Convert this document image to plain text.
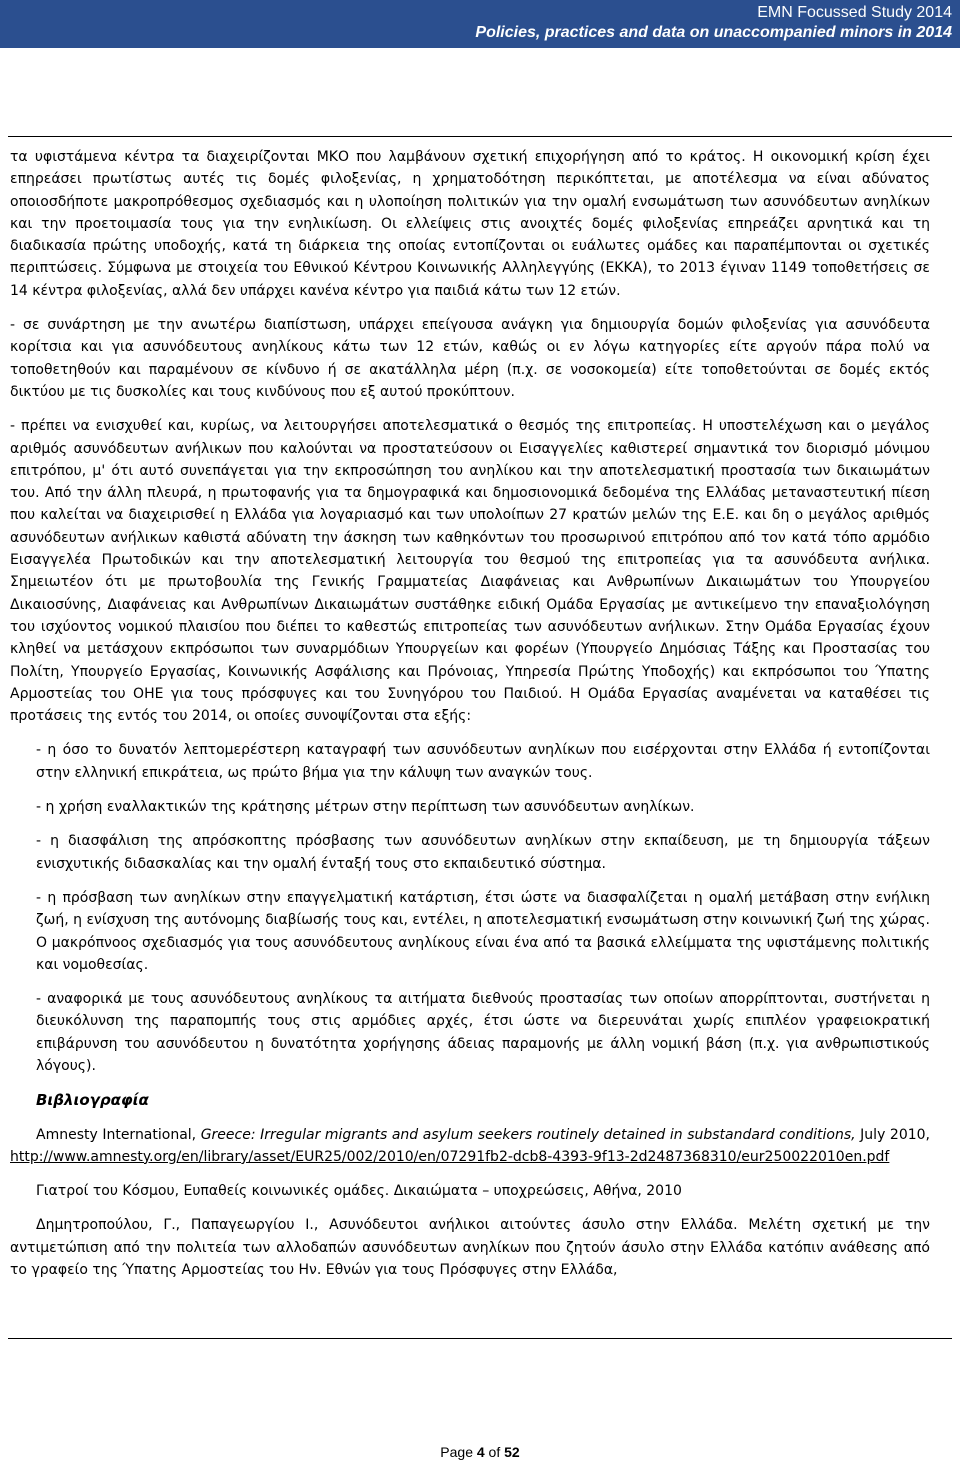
EMN Focussed Study 2014
Policies, practices and data on unaccompanied minors in 2014

τα υφιστάμενα κέντρα τα διαχειρίζονται ΜΚΟ που λαμβάνουν σχετική επιχορήγηση από το κράτος. Η οικονομική κρίση έχει επηρεάσει πρωτίστως αυτές τις δομές φιλοξενίας, η χρηματοδότηση περικόπτεται, με αποτέλεσμα να είναι αδύνατος οποιοσδήποτε μακροπρόθεσμος σχεδιασμός και η υλοποίηση πολιτικών για την ομαλή ενσωμάτωση των ασυνόδευτων ανηλίκων και την προετοιμασία τους για την ενηλικίωση. Οι ελλείψεις στις ανοιχτές δομές φιλοξενίας επηρεάζει αρνητικά και τη διαδικασία πρώτης υποδοχής, κατά τη διάρκεια της οποίας εντοπίζονται οι ευάλωτες ομάδες και παραπέμπονται οι σχετικές περιπτώσεις. Σύμφωνα με στοιχεία του Εθνικού Κέντρου Κοινωνικής Αλληλεγγύης (ΕΚΚΑ), το 2013 έγιναν 1149 τοποθετήσεις σε 14 κέντρα φιλοξενίας, αλλά δεν υπάρχει κανένα κέντρο για παιδιά κάτω των 12 ετών.

- σε συνάρτηση με την ανωτέρω διαπίστωση, υπάρχει επείγουσα ανάγκη για δημιουργία δομών φιλοξενίας για ασυνόδευτα κορίτσια και για ασυνόδευτους ανηλίκους κάτω των 12 ετών, καθώς οι εν λόγω κατηγορίες είτε αργούν πάρα πολύ να τοποθετηθούν και παραμένουν σε κίνδυνο ή σε ακατάλληλα μέρη (π.χ. σε νοσοκομεία) είτε τοποθετούνται σε δομές εκτός δικτύου με τις δυσκολίες και τους κινδύνους που εξ αυτού προκύπτουν.

- πρέπει να ενισχυθεί και, κυρίως, να λειτουργήσει αποτελεσματικά ο θεσμός της επιτροπείας. Η υποστελέχωση και ο μεγάλος αριθμός ασυνόδευτων ανήλικων που καλούνται να προστατεύσουν οι Εισαγγελίες καθιστερεί σημαντικά τον διορισμό μόνιμου επιτρόπου, μ' ότι αυτό συνεπάγεται για την εκπροσώπηση του ανηλίκου και την αποτελεσματική προστασία των δικαιωμάτων του. Από την άλλη πλευρά, η πρωτοφανής για τα δημογραφικά και δημοσιονομικά δεδομένα της Ελλάδας μεταναστευτική πίεση που καλείται να διαχειρισθεί η Ελλάδα για λογαριασμό και των υπολοίπων 27 κρατών μελών της Ε.Ε. και δη ο μεγάλος αριθμός ασυνόδευτων ανήλικων καθιστά αδύνατη την άσκηση των καθηκόντων του προσωρινού επιτρόπου από τον κατά τόπο αρμόδιο Εισαγγελέα Πρωτοδικών και την αποτελεσματική λειτουργία του θεσμού της επιτροπείας για τα ασυνόδευτα ανήλικα. Σημειωτέον ότι με πρωτοβουλία της Γενικής Γραμματείας Διαφάνειας και Ανθρωπίνων Δικαιωμάτων του Υπουργείου Δικαιοσύνης, Διαφάνειας και Ανθρωπίνων Δικαιωμάτων συστάθηκε ειδική Ομάδα Εργασίας με αντικείμενο την επαναξιολόγηση του ισχύοντος νομικού πλαισίου που διέπει το καθεστώς επιτροπείας των ασυνόδευτων ανήλικων. Στην Ομάδα Εργασίας έχουν κληθεί να μετάσχουν εκπρόσωποι των συναρμόδιων Υπουργείων και φορέων (Υπουργείο Δημόσιας Τάξης και Προστασίας του Πολίτη, Υπουργείο Εργασίας, Κοινωνικής Ασφάλισης και Πρόνοιας, Υπηρεσία Πρώτης Υποδοχής) και εκπρόσωποι του Ύπατης Αρμοστείας του ΟΗΕ για τους πρόσφυγες και του Συνηγόρου του Παιδιού. Η Ομάδα Εργασίας αναμένεται να καταθέσει τις προτάσεις της εντός του 2014, οι οποίες συνοψίζονται στα εξής:

- η όσο το δυνατόν λεπτομερέστερη καταγραφή των ασυνόδευτων ανηλίκων που εισέρχονται στην Ελλάδα ή εντοπίζονται στην ελληνική επικράτεια, ως πρώτο βήμα για την κάλυψη των αναγκών τους.

- η χρήση εναλλακτικών της κράτησης μέτρων στην περίπτωση των ασυνόδευτων ανηλίκων.

- η διασφάλιση της απρόσκοπτης πρόσβασης των ασυνόδευτων ανηλίκων στην εκπαίδευση, με τη δημιουργία τάξεων ενισχυτικής διδασκαλίας και την ομαλή ένταξή τους στο εκπαιδευτικό σύστημα.

- η πρόσβαση των ανηλίκων στην επαγγελματική κατάρτιση, έτσι ώστε να διασφαλίζεται η ομαλή μετάβαση στην ενήλικη ζωή, η ενίσχυση της αυτόνομης διαβίωσής τους και, εντέλει, η αποτελεσματική ενσωμάτωση στην κοινωνική ζωή της χώρας. Ο μακρόπνοος σχεδιασμός για τους ασυνόδευτους ανηλίκους είναι ένα από τα βασικά ελλείμματα της υφιστάμενης πολιτικής και νομοθεσίας.

- αναφορικά με τους ασυνόδευτους ανηλίκους τα αιτήματα διεθνούς προστασίας των οποίων απορρίπτονται, συστήνεται η διευκόλυνση της παραπομπής τους στις αρμόδιες αρχές, έτσι ώστε να διερευνάται χωρίς επιπλέον γραφειοκρατική επιβάρυνση του ασυνόδευτου η δυνατότητα χορήγησης άδειας παραμονής με άλλη νομική βάση (π.χ. για ανθρωπιστικούς λόγους).

Βιβλιογραφία

Amnesty International, Greece: Irregular migrants and asylum seekers routinely detained in substandard conditions, July 2010, http://www.amnesty.org/en/library/asset/EUR25/002/2010/en/07291fb2-dcb8-4393-9f13-2d2487368310/eur250022010en.pdf

Γιατροί του Κόσμου, Ευπαθείς κοινωνικές ομάδες. Δικαιώματα – υποχρεώσεις, Αθήνα, 2010

Δημητροπούλου, Γ., Παπαγεωργίου Ι., Ασυνόδευτοι ανήλικοι αιτούντες άσυλο στην Ελλάδα. Μελέτη σχετική με την αντιμετώπιση από την πολιτεία των αλλοδαπών ασυνόδευτων ανηλίκων που ζητούν άσυλο στην Ελλάδα κατόπιν ανάθεσης από το γραφείο της Ύπατης Αρμοστείας του Ην. Εθνών για τους Πρόσφυγες στην Ελλάδα,

Page 4 of 52
